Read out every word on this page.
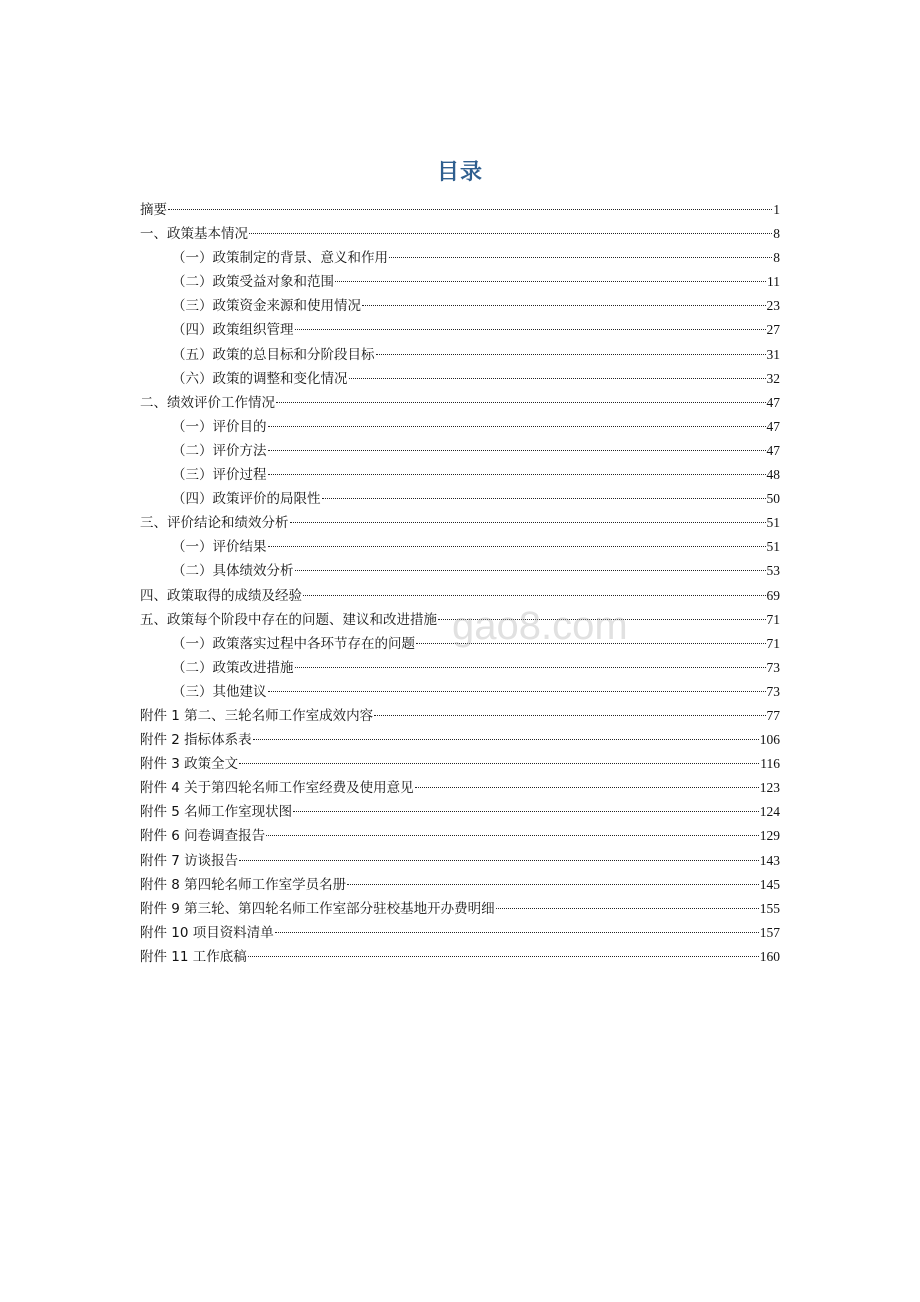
目录
摘要	1
一、政策基本情况	8
（一）政策制定的背景、意义和作用	8
（二）政策受益对象和范围	11
（三）政策资金来源和使用情况	23
（四）政策组织管理	27
（五）政策的总目标和分阶段目标	31
（六）政策的调整和变化情况	32
二、绩效评价工作情况	47
（一）评价目的	47
（二）评价方法	47
（三）评价过程	48
（四）政策评价的局限性	50
三、评价结论和绩效分析	51
（一）评价结果	51
（二）具体绩效分析	53
四、政策取得的成绩及经验	69
五、政策每个阶段中存在的问题、建议和改进措施	71
（一）政策落实过程中各环节存在的问题	71
（二）政策改进措施	73
（三）其他建议	73
附件 1 第二、三轮名师工作室成效内容	77
附件 2 指标体系表	106
附件 3 政策全文	116
附件 4 关于第四轮名师工作室经费及使用意见	123
附件 5 名师工作室现状图	124
附件 6 问卷调查报告	129
附件 7 访谈报告	143
附件 8 第四轮名师工作室学员名册	145
附件 9 第三轮、第四轮名师工作室部分驻校基地开办费明细	155
附件 10 项目资料清单	157
附件 11 工作底稿	160
gao8.com
